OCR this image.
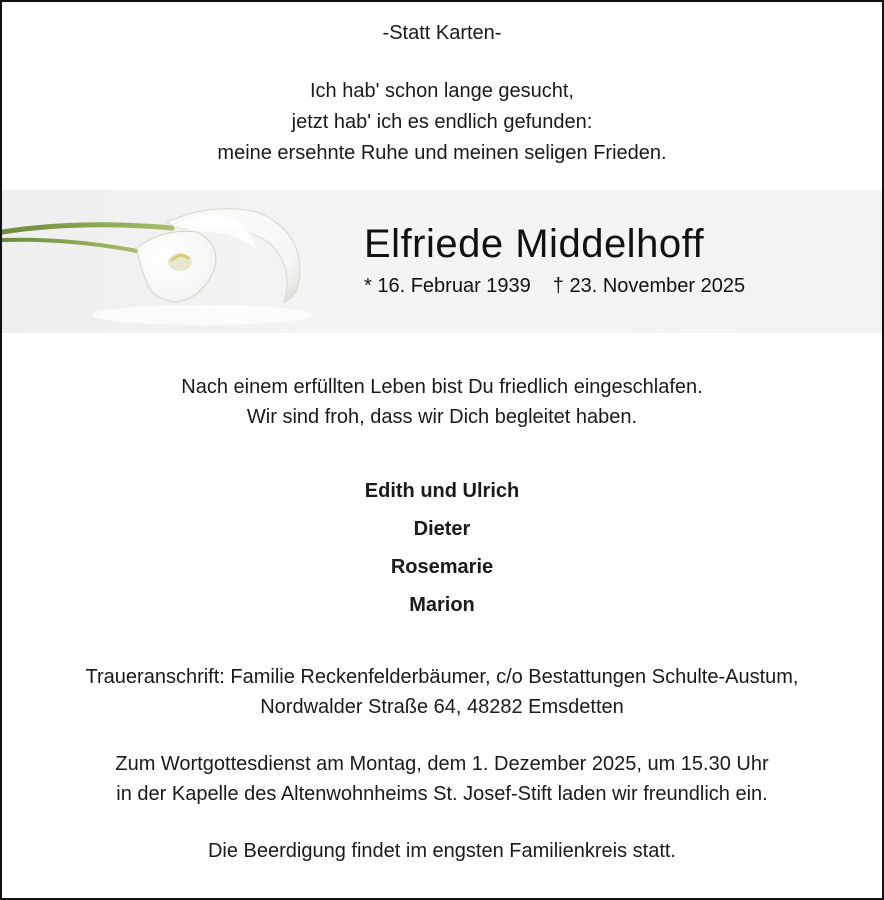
-Statt Karten-
Ich hab' schon lange gesucht,
jetzt hab' ich es endlich gefunden:
meine ersehnte Ruhe und meinen seligen Frieden.
Elfriede Middelhoff
* 16. Februar 1939 † 23. November 2025
Nach einem erfüllten Leben bist Du friedlich eingeschlafen.
Wir sind froh, dass wir Dich begleitet haben.
Edith und Ulrich
Dieter
Rosemarie
Marion
Traueranschrift: Familie Reckenfelderbäumer, c/o Bestattungen Schulte-Austum,
Nordwalder Straße 64, 48282 Emsdetten
Zum Wortgottesdienst am Montag, dem 1. Dezember 2025, um 15.30 Uhr
in der Kapelle des Altenwohnheims St. Josef-Stift laden wir freundlich ein.
Die Beerdigung findet im engsten Familienkreis statt.
